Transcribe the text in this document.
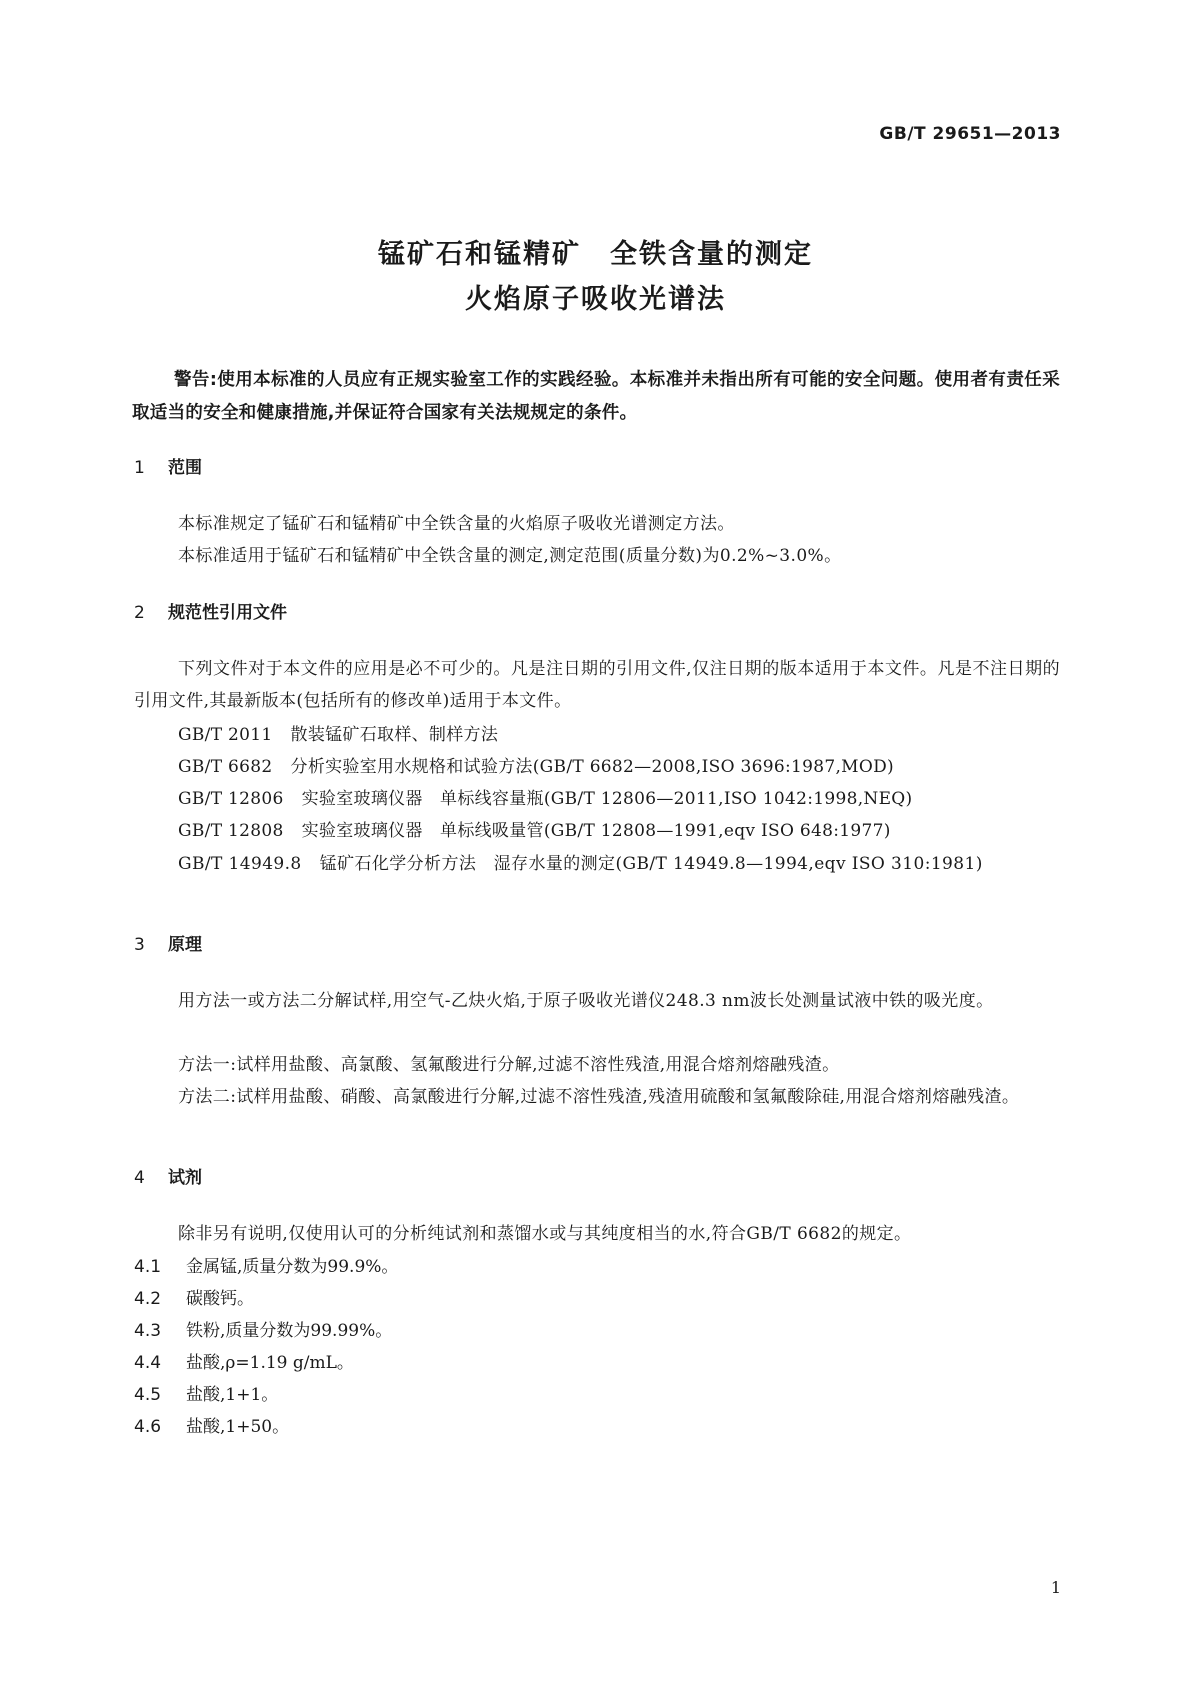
GB/T 29651—2013
锰矿石和锰精矿　全铁含量的测定
火焰原子吸收光谱法
警告:使用本标准的人员应有正规实验室工作的实践经验。本标准并未指出所有可能的安全问题。使用者有责任采取适当的安全和健康措施,并保证符合国家有关法规规定的条件。
1 范围
本标准规定了锰矿石和锰精矿中全铁含量的火焰原子吸收光谱测定方法。
本标准适用于锰矿石和锰精矿中全铁含量的测定,测定范围(质量分数)为0.2%~3.0%。
2 规范性引用文件
下列文件对于本文件的应用是必不可少的。凡是注日期的引用文件,仅注日期的版本适用于本文件。凡是不注日期的引用文件,其最新版本(包括所有的修改单)适用于本文件。
GB/T 2011 散装锰矿石取样、制样方法
GB/T 6682 分析实验室用水规格和试验方法(GB/T 6682—2008,ISO 3696:1987,MOD)
GB/T 12806 实验室玻璃仪器　单标线容量瓶(GB/T 12806—2011,ISO 1042:1998,NEQ)
GB/T 12808 实验室玻璃仪器　单标线吸量管(GB/T 12808—1991,eqv ISO 648:1977)
GB/T 14949.8 锰矿石化学分析方法　湿存水量的测定(GB/T 14949.8—1994,eqv ISO 310:1981)
3 原理
用方法一或方法二分解试样,用空气-乙炔火焰,于原子吸收光谱仪248.3 nm波长处测量试液中铁的吸光度。
方法一:试样用盐酸、高氯酸、氢氟酸进行分解,过滤不溶性残渣,用混合熔剂熔融残渣。
方法二:试样用盐酸、硝酸、高氯酸进行分解,过滤不溶性残渣,残渣用硫酸和氢氟酸除硅,用混合熔剂熔融残渣。
4 试剂
除非另有说明,仅使用认可的分析纯试剂和蒸馏水或与其纯度相当的水,符合GB/T 6682的规定。
4.1 金属锰,质量分数为99.9%。
4.2 碳酸钙。
4.3 铁粉,质量分数为99.99%。
4.4 盐酸,ρ=1.19 g/mL。
4.5 盐酸,1+1。
4.6 盐酸,1+50。
1
